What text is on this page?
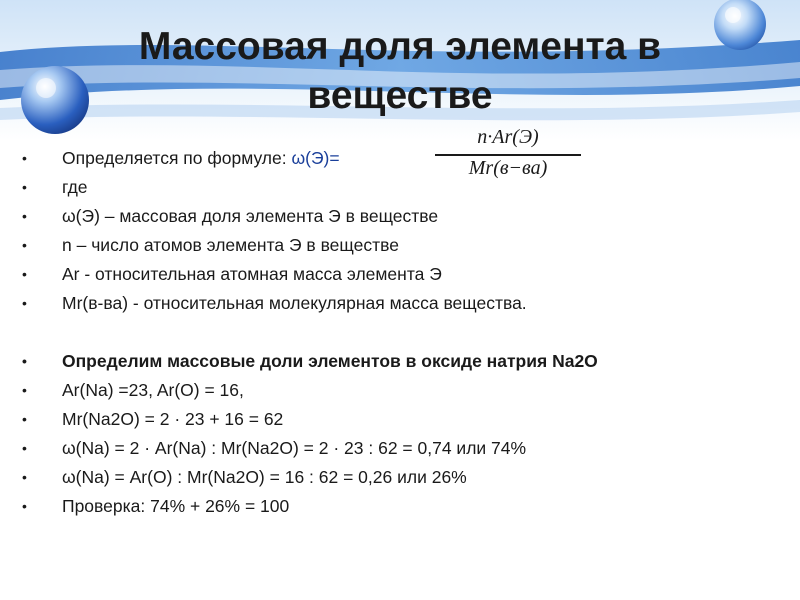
Массовая доля элемента в веществе
n·Ar(Э)
Mr(в−ва)
• Определяется по формуле: ω(Э)=
• где
• ω(Э) – массовая доля элемента Э в веществе
• n – число атомов элемента Э в веществе
• Ar - относительная атомная масса элемента Э
• Mr(в-ва) - относительная молекулярная масса вещества.
• Определим массовые доли элементов в оксиде натрия Na2O
• Ar(Na) =23, Ar(O) = 16,
• Mr(Na2O) = 2 · 23 + 16 = 62
• ω(Na) = 2 · Ar(Na) : Mr(Na2O) = 2 · 23 : 62 = 0,74 или 74%
• ω(Na) = Ar(O) : Mr(Na2O) = 16 : 62 = 0,26 или 26%
• Проверка: 74% + 26% = 100
